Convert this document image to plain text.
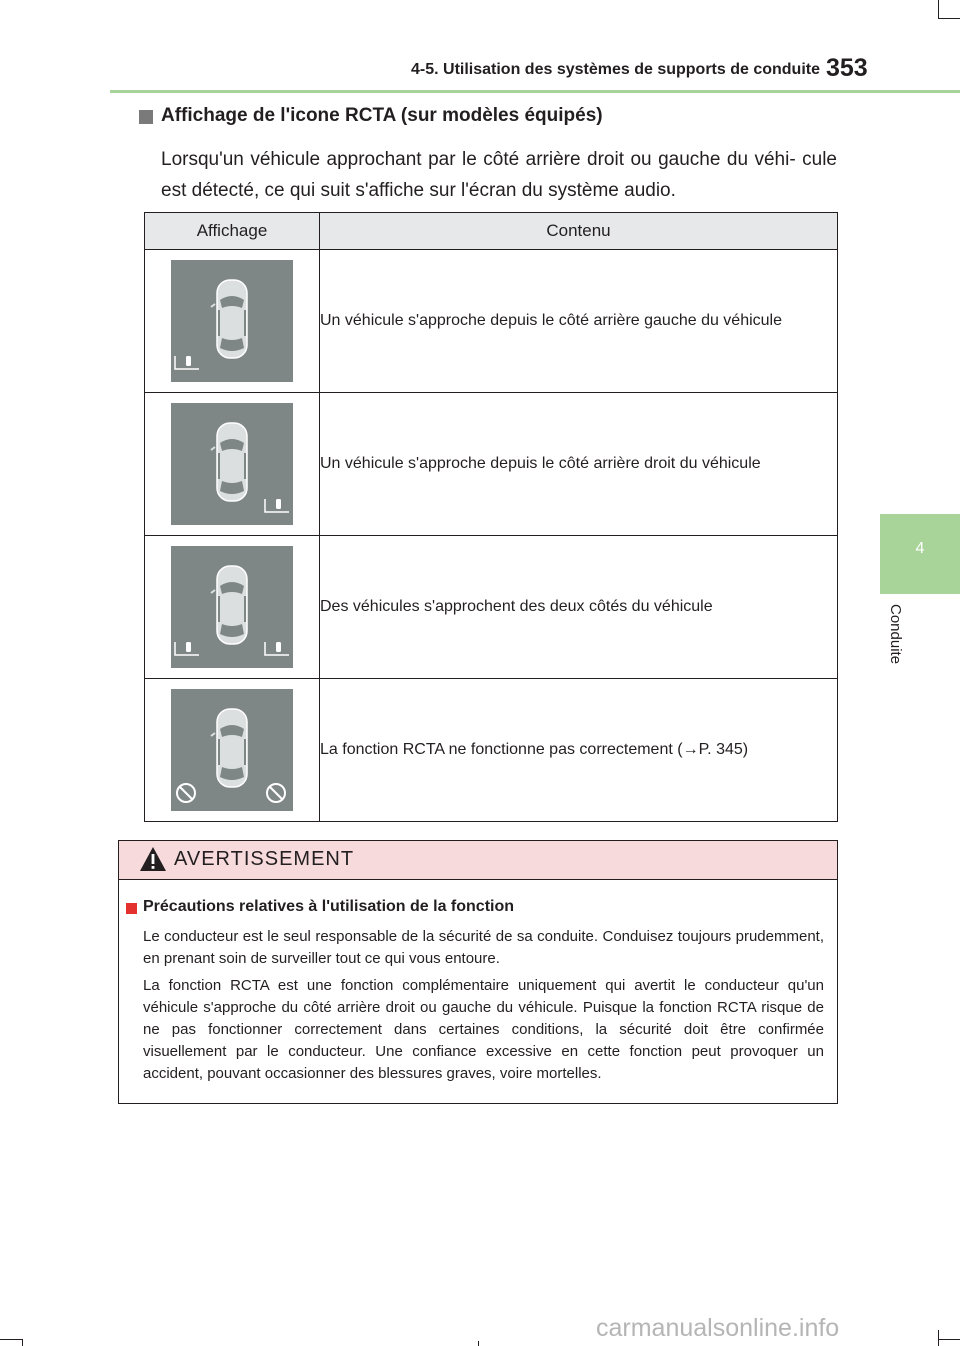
4-5. Utilisation des systèmes de supports de conduite 353
4
Conduite
Affichage de l'icone RCTA (sur modèles équipés)
Lorsqu'un véhicule approchant par le côté arrière droit ou gauche du véhi- cule est détecté, ce qui suit s'affiche sur l'écran du système audio.
Affichage	Contenu
	Un véhicule s'approche depuis le côté arrière gauche du véhicule
	Un véhicule s'approche depuis le côté arrière droit du véhicule
	Des véhicules s'approchent des deux côtés du véhicule
	La fonction RCTA ne fonctionne pas correctement (→P. 345)
AVERTISSEMENT
Précautions relatives à l'utilisation de la fonction
Le conducteur est le seul responsable de la sécurité de sa conduite. Conduisez toujours prudemment, en prenant soin de surveiller tout ce qui vous entoure.
La fonction RCTA est une fonction complémentaire uniquement qui avertit le conducteur qu'un véhicule s'approche du côté arrière droit ou gauche du véhicule. Puisque la fonction RCTA risque de ne pas fonctionner correctement dans certaines conditions, la sécurité doit être confirmée visuellement par le conducteur. Une confiance excessive en cette fonction peut provoquer un accident, pouvant occasionner des blessures graves, voire mortelles.
carmanualsonline.info
